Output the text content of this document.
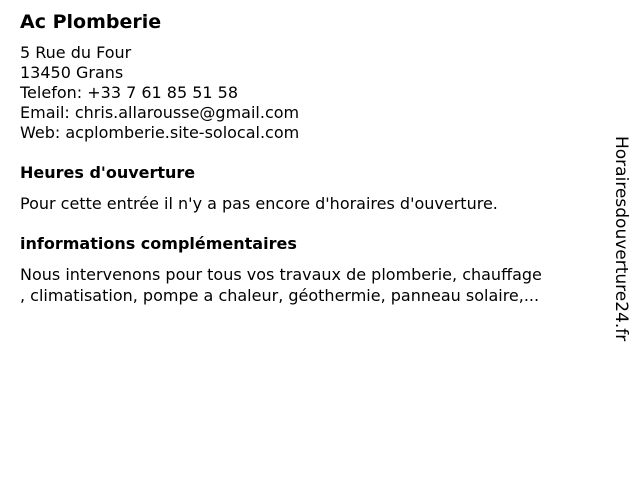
Ac Plomberie
5 Rue du Four
13450 Grans
Telefon: +33 7 61 85 51 58
Email: chris.allarousse@gmail.com
Web: acplomberie.site-solocal.com
Heures d'ouverture
Pour cette entrée il n'y a pas encore d'horaires d'ouverture.
informations complémentaires
Nous intervenons pour tous vos travaux de plomberie, chauffage
, climatisation, pompe a chaleur, géothermie, panneau solaire,...	Horairesdouverture24.fr
